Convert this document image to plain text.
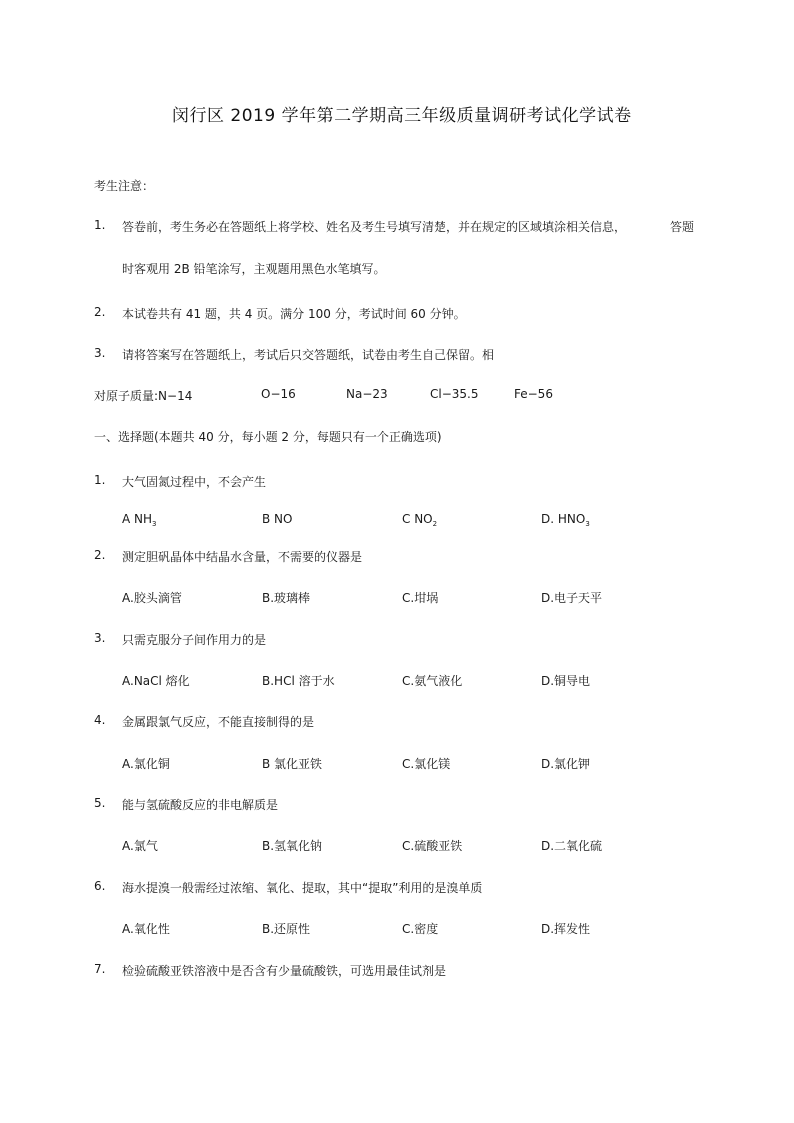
闵行区 2019 学年第二学期高三年级质量调研考试化学试卷
考生注意：
1. 答卷前，考生务必在答题纸上将学校、姓名及考生号填写清楚，并在规定的区域填涂相关信息，	答题
时客观用 2B 铅笔涂写，主观题用黑色水笔填写。
2. 本试卷共有 41 题，共 4 页。满分 100 分，考试时间 60 分钟。
3. 请将答案写在答题纸上，考试后只交答题纸，试卷由考生自己保留。相
对原子质量:N−14	O−16	Na−23	Cl−35.5	Fe−56
一、选择题(本题共 40 分，每小题 2 分，每题只有一个正确选项)
1. 大气固氮过程中，不会产生
A $NH_3$	B NO	C $NO_2$	D. $HNO_3$
2. 测定胆矾晶体中结晶水含量，不需要的仪器是
A.胶头滴管	B.玻璃棒	C.坩埚	D.电子天平
3. 只需克服分子间作用力的是
A.NaCl 熔化	B.HCl 溶于水	C.氨气液化	D.铜导电
4. 金属跟氯气反应，不能直接制得的是
A.氯化铜	B 氯化亚铁	C.氯化镁	D.氯化钾
5. 能与氢硫酸反应的非电解质是
A.氯气	B.氢氧化钠	C.硫酸亚铁	D.二氧化硫
6. 海水提溴一般需经过浓缩、氧化、提取，其中“提取”利用的是溴单质
A.氧化性	B.还原性	C.密度	D.挥发性
7. 检验硫酸亚铁溶液中是否含有少量硫酸铁，可选用最佳试剂是
